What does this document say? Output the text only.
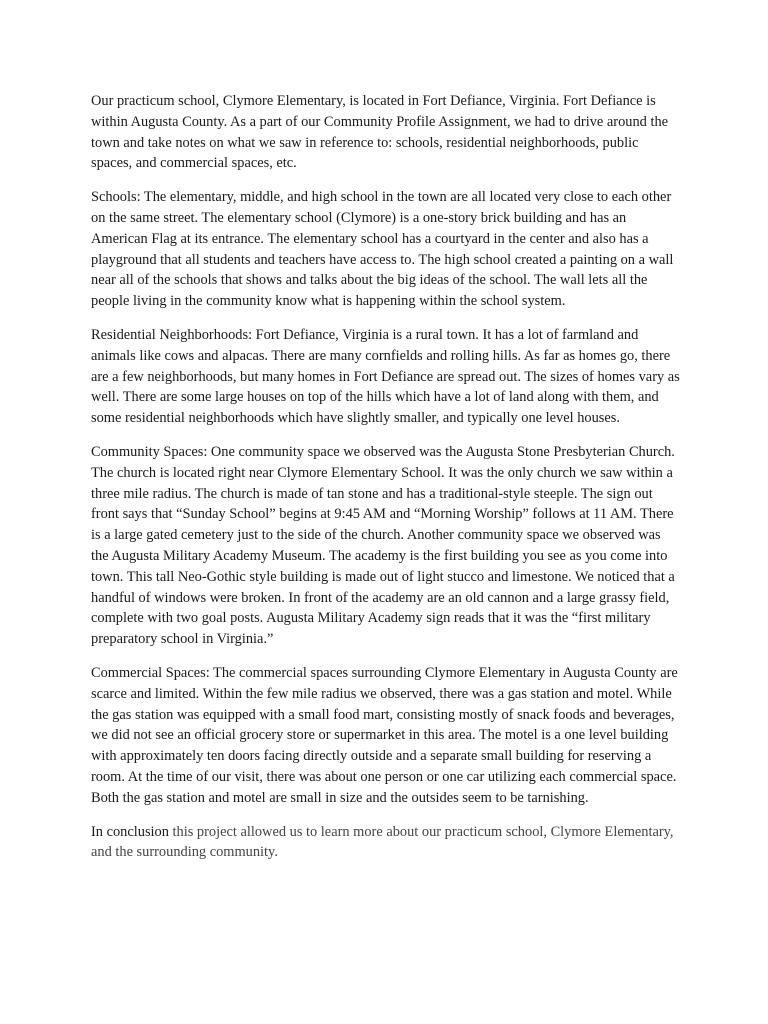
Our practicum school, Clymore Elementary, is located in Fort Defiance, Virginia. Fort Defiance is within Augusta County. As a part of our Community Profile Assignment, we had to drive around the town and take notes on what we saw in reference to: schools, residential neighborhoods, public spaces, and commercial spaces, etc.

Schools: The elementary, middle, and high school in the town are all located very close to each other on the same street. The elementary school (Clymore) is a one-story brick building and has an American Flag at its entrance. The elementary school has a courtyard in the center and also has a playground that all students and teachers have access to. The high school created a painting on a wall near all of the schools that shows and talks about the big ideas of the school. The wall lets all the people living in the community know what is happening within the school system.

Residential Neighborhoods: Fort Defiance, Virginia is a rural town. It has a lot of farmland and animals like cows and alpacas. There are many cornfields and rolling hills. As far as homes go, there are a few neighborhoods, but many homes in Fort Defiance are spread out. The sizes of homes vary as well. There are some large houses on top of the hills which have a lot of land along with them, and some residential neighborhoods which have slightly smaller, and typically one level houses.

Community Spaces: One community space we observed was the Augusta Stone Presbyterian Church. The church is located right near Clymore Elementary School. It was the only church we saw within a three mile radius. The church is made of tan stone and has a traditional-style steeple. The sign out front says that “Sunday School” begins at 9:45 AM and “Morning Worship” follows at 11 AM. There is a large gated cemetery just to the side of the church. Another community space we observed was the Augusta Military Academy Museum. The academy is the first building you see as you come into town. This tall Neo-Gothic style building is made out of light stucco and limestone. We noticed that a handful of windows were broken. In front of the academy are an old cannon and a large grassy field, complete with two goal posts. Augusta Military Academy sign reads that it was the “first military preparatory school in Virginia.”

Commercial Spaces: The commercial spaces surrounding Clymore Elementary in Augusta County are scarce and limited. Within the few mile radius we observed, there was a gas station and motel. While the gas station was equipped with a small food mart, consisting mostly of snack foods and beverages, we did not see an official grocery store or supermarket in this area. The motel is a one level building with approximately ten doors facing directly outside and a separate small building for reserving a room. At the time of our visit, there was about one person or one car utilizing each commercial space. Both the gas station and motel are small in size and the outsides seem to be tarnishing.

In conclusion this project allowed us to learn more about our practicum school, Clymore Elementary, and the surrounding community.
